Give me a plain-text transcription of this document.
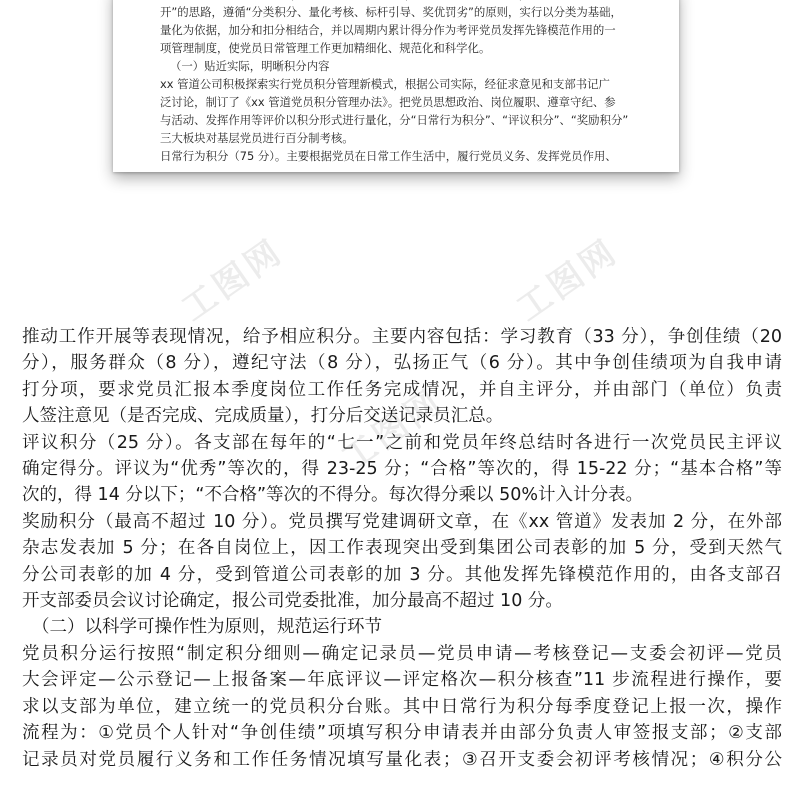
开”的思路，遵循“分类积分、量化考核、标杆引导、奖优罚劣”的原则，实行以分类为基础，
量化为依据，加分和扣分相结合，并以周期内累计得分作为考评党员发挥先锋模范作用的一
项管理制度，使党员日常管理工作更加精细化、规范化和科学化。
（一）贴近实际，明晰积分内容
xx 管道公司积极探索实行党员积分管理新模式，根据公司实际，经征求意见和支部书记广
泛讨论，制订了《xx 管道党员积分管理办法》。把党员思想政治、岗位履职、遵章守纪、参
与活动、发挥作用等评价以积分形式进行量化，分“日常行为积分”、“评议积分”、“奖励积分”
三大板块对基层党员进行百分制考核。
日常行为积分（75 分）。主要根据党员在日常工作生活中，履行党员义务、发挥党员作用、
工图网	工图网
工图网
推动工作开展等表现情况，给予相应积分。主要内容包括：学习教育（33 分），争创佳绩（20
分），服务群众（8 分），遵纪守法（8 分），弘扬正气（6 分）。其中争创佳绩项为自我申请
打分项，要求党员汇报本季度岗位工作任务完成情况，并自主评分，并由部门（单位）负责
人签注意见（是否完成、完成质量），打分后交送记录员汇总。
评议积分（25 分）。各支部在每年的“七一”之前和党员年终总结时各进行一次党员民主评议
确定得分。评议为“优秀”等次的，得 23-25 分；“合格”等次的，得 15-22 分；“基本合格”等
次的，得 14 分以下；“不合格”等次的不得分。每次得分乘以 50%计入计分表。
奖励积分（最高不超过 10 分）。党员撰写党建调研文章，在《xx 管道》发表加 2 分，在外部
杂志发表加 5 分；在各自岗位上，因工作表现突出受到集团公司表彰的加 5 分，受到天然气
分公司表彰的加 4 分，受到管道公司表彰的加 3 分。其他发挥先锋模范作用的，由各支部召
开支部委员会议讨论确定，报公司党委批准，加分最高不超过 10 分。
（二）以科学可操作性为原则，规范运行环节
党员积分运行按照“制定积分细则—确定记录员—党员申请—考核登记—支委会初评—党员
大会评定—公示登记—上报备案—年底评议—评定格次—积分核查”11 步流程进行操作，要
求以支部为单位，建立统一的党员积分台账。其中日常行为积分每季度登记上报一次，操作
流程为：①党员个人针对“争创佳绩”项填写积分申请表并由部分负责人审签报支部；②支部
记录员对党员履行义务和工作任务情况填写量化表；③召开支委会初评考核情况；④积分公
